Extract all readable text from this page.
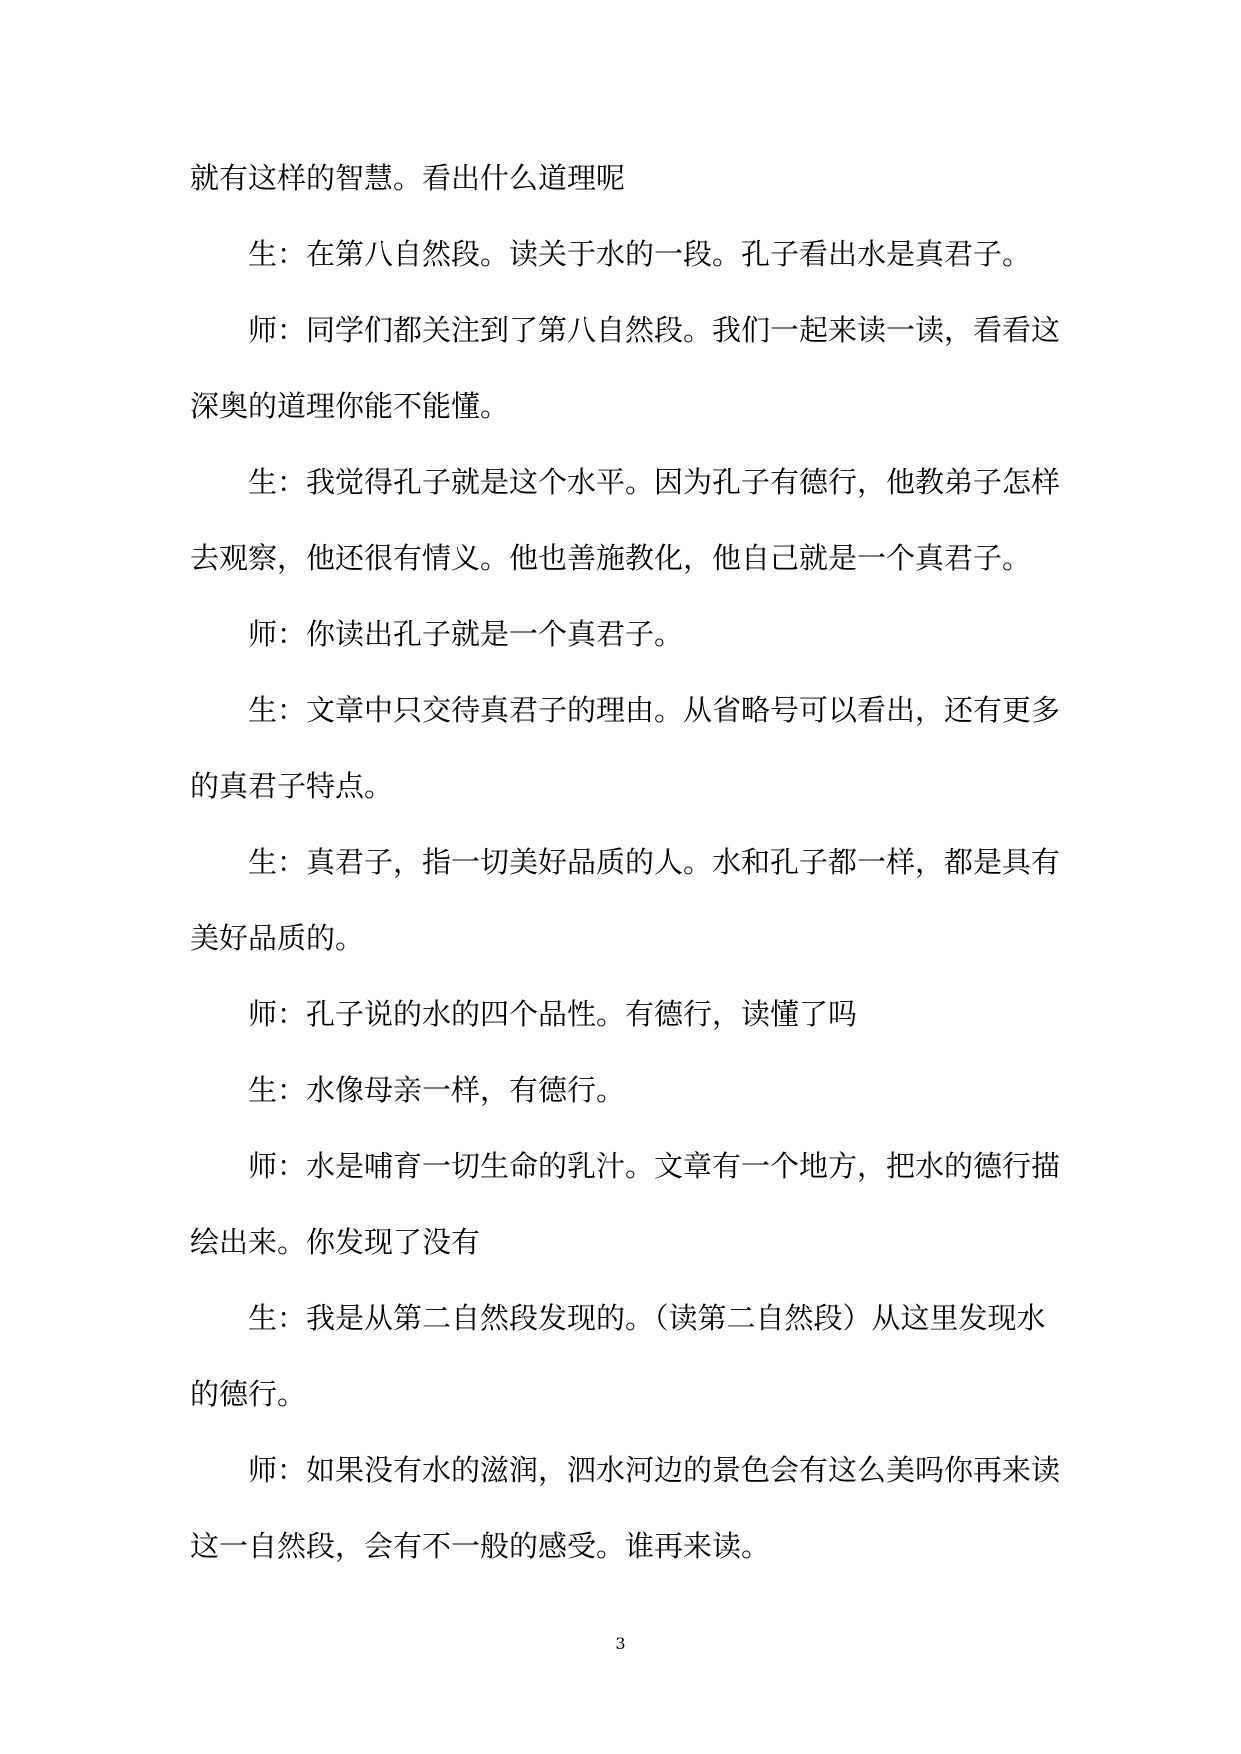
就有这样的智慧。看出什么道理呢

生：在第八自然段。读关于水的一段。孔子看出水是真君子。

师：同学们都关注到了第八自然段。我们一起来读一读，看看这深奥的道理你能不能懂。

生：我觉得孔子就是这个水平。因为孔子有德行，他教弟子怎样去观察，他还很有情义。他也善施教化，他自己就是一个真君子。

师：你读出孔子就是一个真君子。

生：文章中只交待真君子的理由。从省略号可以看出，还有更多的真君子特点。

生：真君子，指一切美好品质的人。水和孔子都一样，都是具有美好品质的。

师：孔子说的水的四个品性。有德行，读懂了吗

生：水像母亲一样，有德行。

师：水是哺育一切生命的乳汁。文章有一个地方，把水的德行描绘出来。你发现了没有

生：我是从第二自然段发现的。（读第二自然段）从这里发现水的德行。

师：如果没有水的滋润，泗水河边的景色会有这么美吗你再来读这一自然段，会有不一般的感受。谁再来读。

3
